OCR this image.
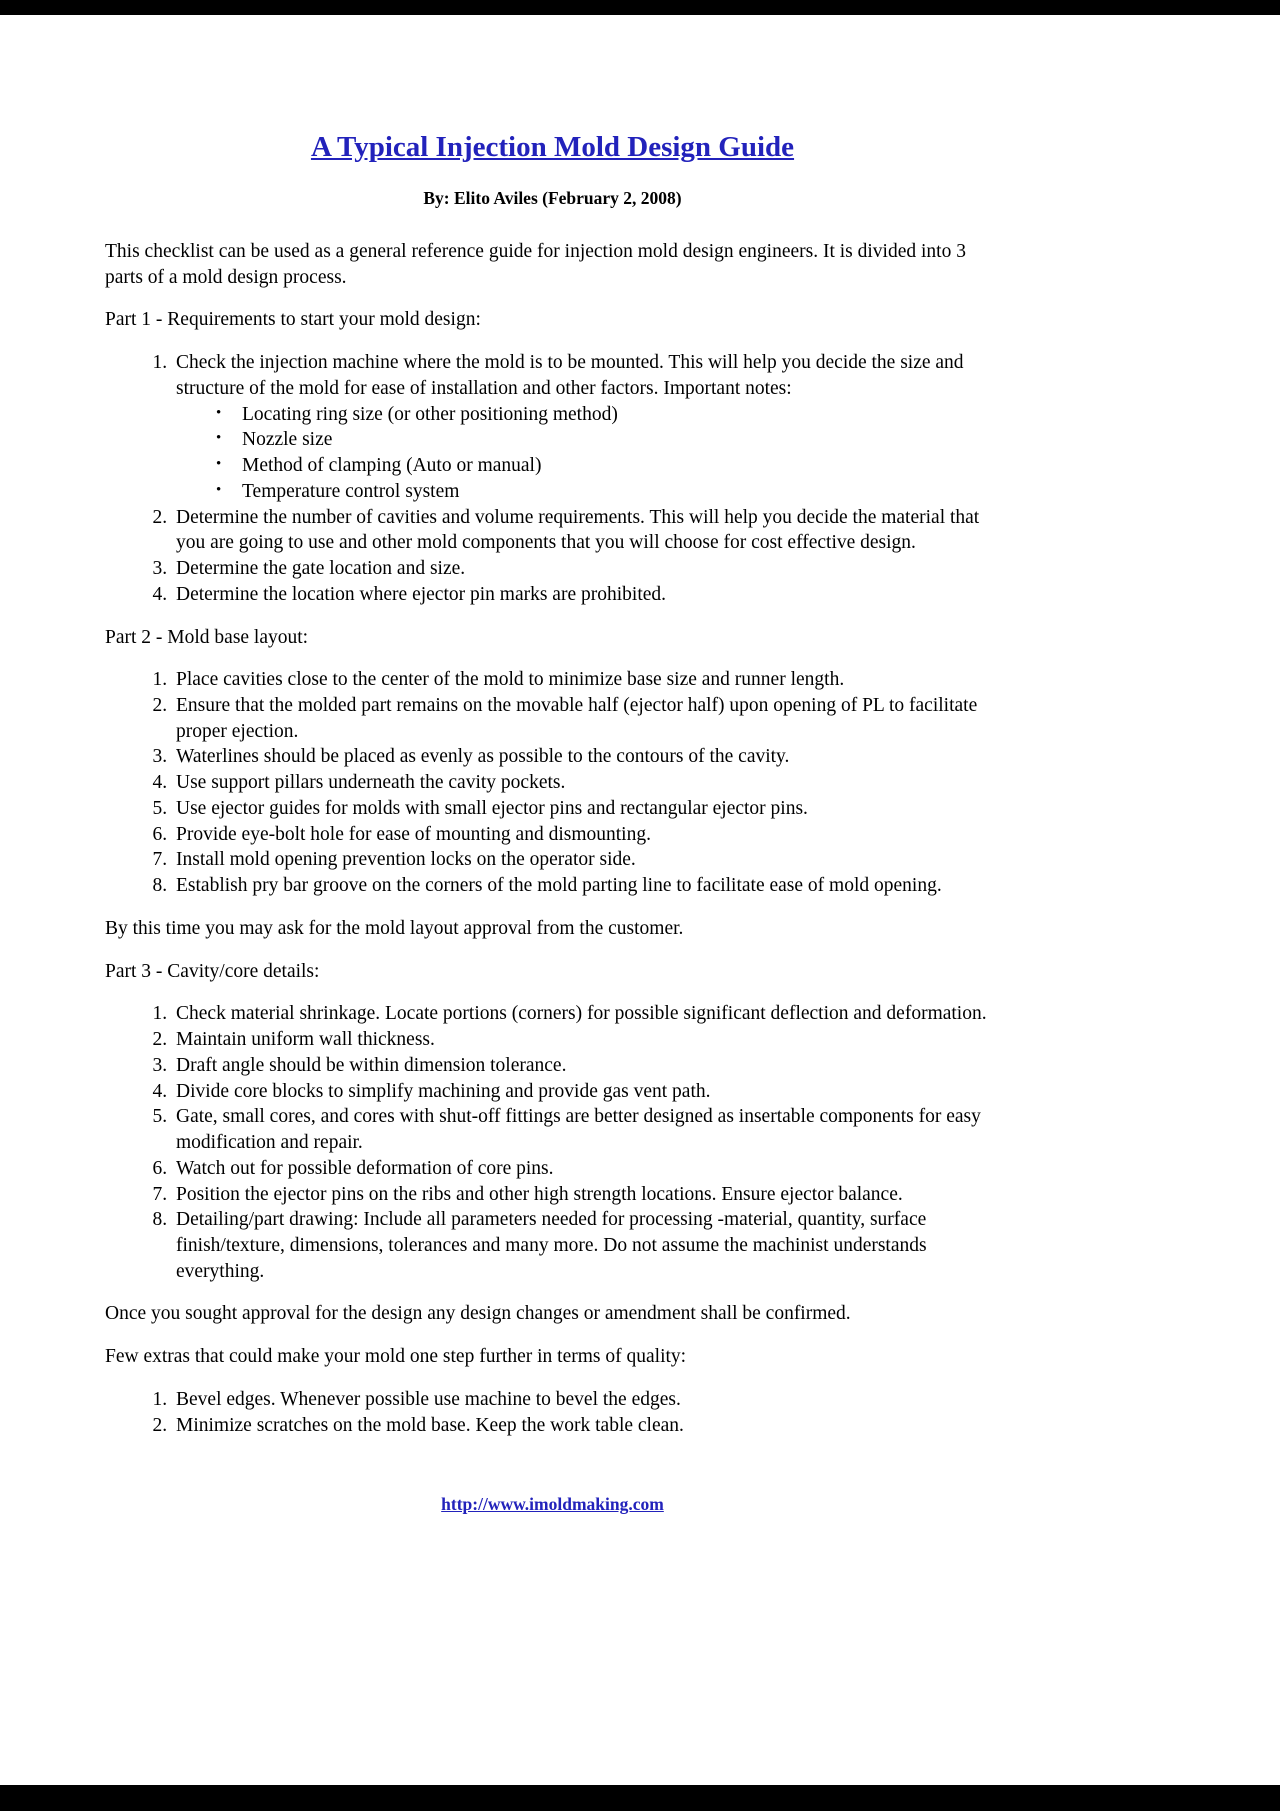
A Typical Injection Mold Design Guide
By: Elito Aviles (February 2, 2008)

This checklist can be used as a general reference guide for injection mold design engineers. It is divided into 3 parts of a mold design process.

Part 1 - Requirements to start your mold design:

1. Check the injection machine where the mold is to be mounted. This will help you decide the size and structure of the mold for ease of installation and other factors. Important notes:
• Locating ring size (or other positioning method)
• Nozzle size
• Method of clamping (Auto or manual)
• Temperature control system
2. Determine the number of cavities and volume requirements. This will help you decide the material that you are going to use and other mold components that you will choose for cost effective design.
3. Determine the gate location and size.
4. Determine the location where ejector pin marks are prohibited.

Part 2 - Mold base layout:

1. Place cavities close to the center of the mold to minimize base size and runner length.
2. Ensure that the molded part remains on the movable half (ejector half) upon opening of PL to facilitate proper ejection.
3. Waterlines should be placed as evenly as possible to the contours of the cavity.
4. Use support pillars underneath the cavity pockets.
5. Use ejector guides for molds with small ejector pins and rectangular ejector pins.
6. Provide eye-bolt hole for ease of mounting and dismounting.
7. Install mold opening prevention locks on the operator side.
8. Establish pry bar groove on the corners of the mold parting line to facilitate ease of mold opening.

By this time you may ask for the mold layout approval from the customer.

Part 3 - Cavity/core details:

1. Check material shrinkage. Locate portions (corners) for possible significant deflection and deformation.
2. Maintain uniform wall thickness.
3. Draft angle should be within dimension tolerance.
4. Divide core blocks to simplify machining and provide gas vent path.
5. Gate, small cores, and cores with shut-off fittings are better designed as insertable components for easy modification and repair.
6. Watch out for possible deformation of core pins.
7. Position the ejector pins on the ribs and other high strength locations. Ensure ejector balance.
8. Detailing/part drawing: Include all parameters needed for processing -material, quantity, surface finish/texture, dimensions, tolerances and many more. Do not assume the machinist understands everything.

Once you sought approval for the design any design changes or amendment shall be confirmed.

Few extras that could make your mold one step further in terms of quality:

1. Bevel edges. Whenever possible use machine to bevel the edges.
2. Minimize scratches on the mold base. Keep the work table clean.
http://www.imoldmaking.com
